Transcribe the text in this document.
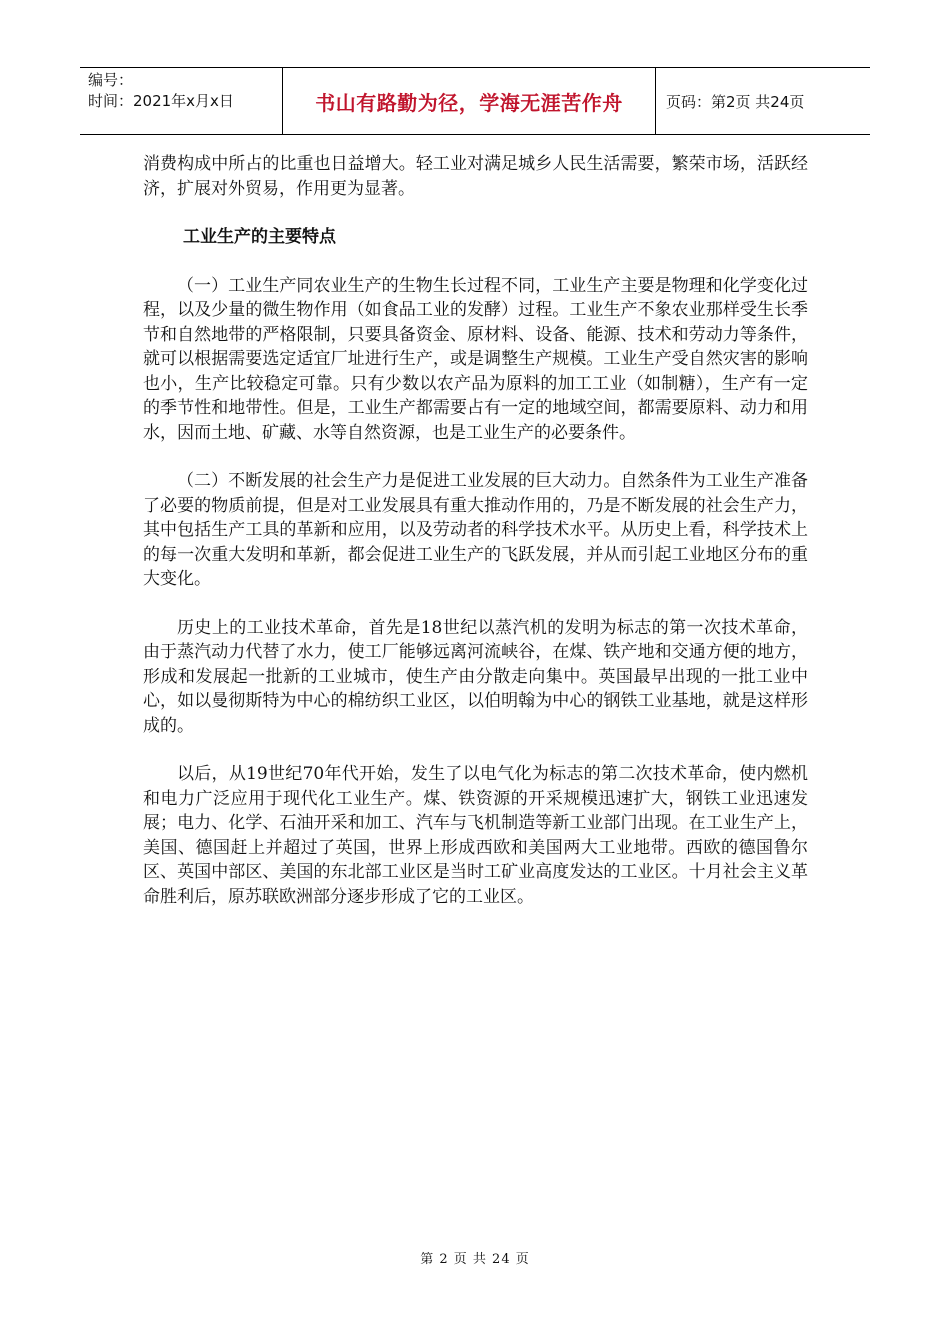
编号：
时间：2021年x月x日	书山有路勤为径，学海无涯苦作舟	页码：第2页 共24页

消费构成中所占的比重也日益增大。轻工业对满足城乡人民生活需要，繁荣市场，活跃经济，扩展对外贸易，作用更为显著。

工业生产的主要特点

（一）工业生产同农业生产的生物生长过程不同，工业生产主要是物理和化学变化过程，以及少量的微生物作用（如食品工业的发酵）过程。工业生产不象农业那样受生长季节和自然地带的严格限制，只要具备资金、原材料、设备、能源、技术和劳动力等条件，就可以根据需要选定适宜厂址进行生产，或是调整生产规模。工业生产受自然灾害的影响也小，生产比较稳定可靠。只有少数以农产品为原料的加工工业（如制糖），生产有一定的季节性和地带性。但是，工业生产都需要占有一定的地域空间，都需要原料、动力和用水，因而土地、矿藏、水等自然资源，也是工业生产的必要条件。

（二）不断发展的社会生产力是促进工业发展的巨大动力。自然条件为工业生产准备了必要的物质前提，但是对工业发展具有重大推动作用的，乃是不断发展的社会生产力，其中包括生产工具的革新和应用，以及劳动者的科学技术水平。从历史上看，科学技术上的每一次重大发明和革新，都会促进工业生产的飞跃发展，并从而引起工业地区分布的重大变化。

历史上的工业技术革命，首先是18世纪以蒸汽机的发明为标志的第一次技术革命，由于蒸汽动力代替了水力，使工厂能够远离河流峡谷，在煤、铁产地和交通方便的地方，形成和发展起一批新的工业城市，使生产由分散走向集中。英国最早出现的一批工业中心，如以曼彻斯特为中心的棉纺织工业区，以伯明翰为中心的钢铁工业基地，就是这样形成的。

以后，从19世纪70年代开始，发生了以电气化为标志的第二次技术革命，使内燃机和电力广泛应用于现代化工业生产。煤、铁资源的开采规模迅速扩大，钢铁工业迅速发展；电力、化学、石油开采和加工、汽车与飞机制造等新工业部门出现。在工业生产上，美国、德国赶上并超过了英国，世界上形成西欧和美国两大工业地带。西欧的德国鲁尔区、英国中部区、美国的东北部工业区是当时工矿业高度发达的工业区。十月社会主义革命胜利后，原苏联欧洲部分逐步形成了它的工业区。

第 2 页 共 24 页
